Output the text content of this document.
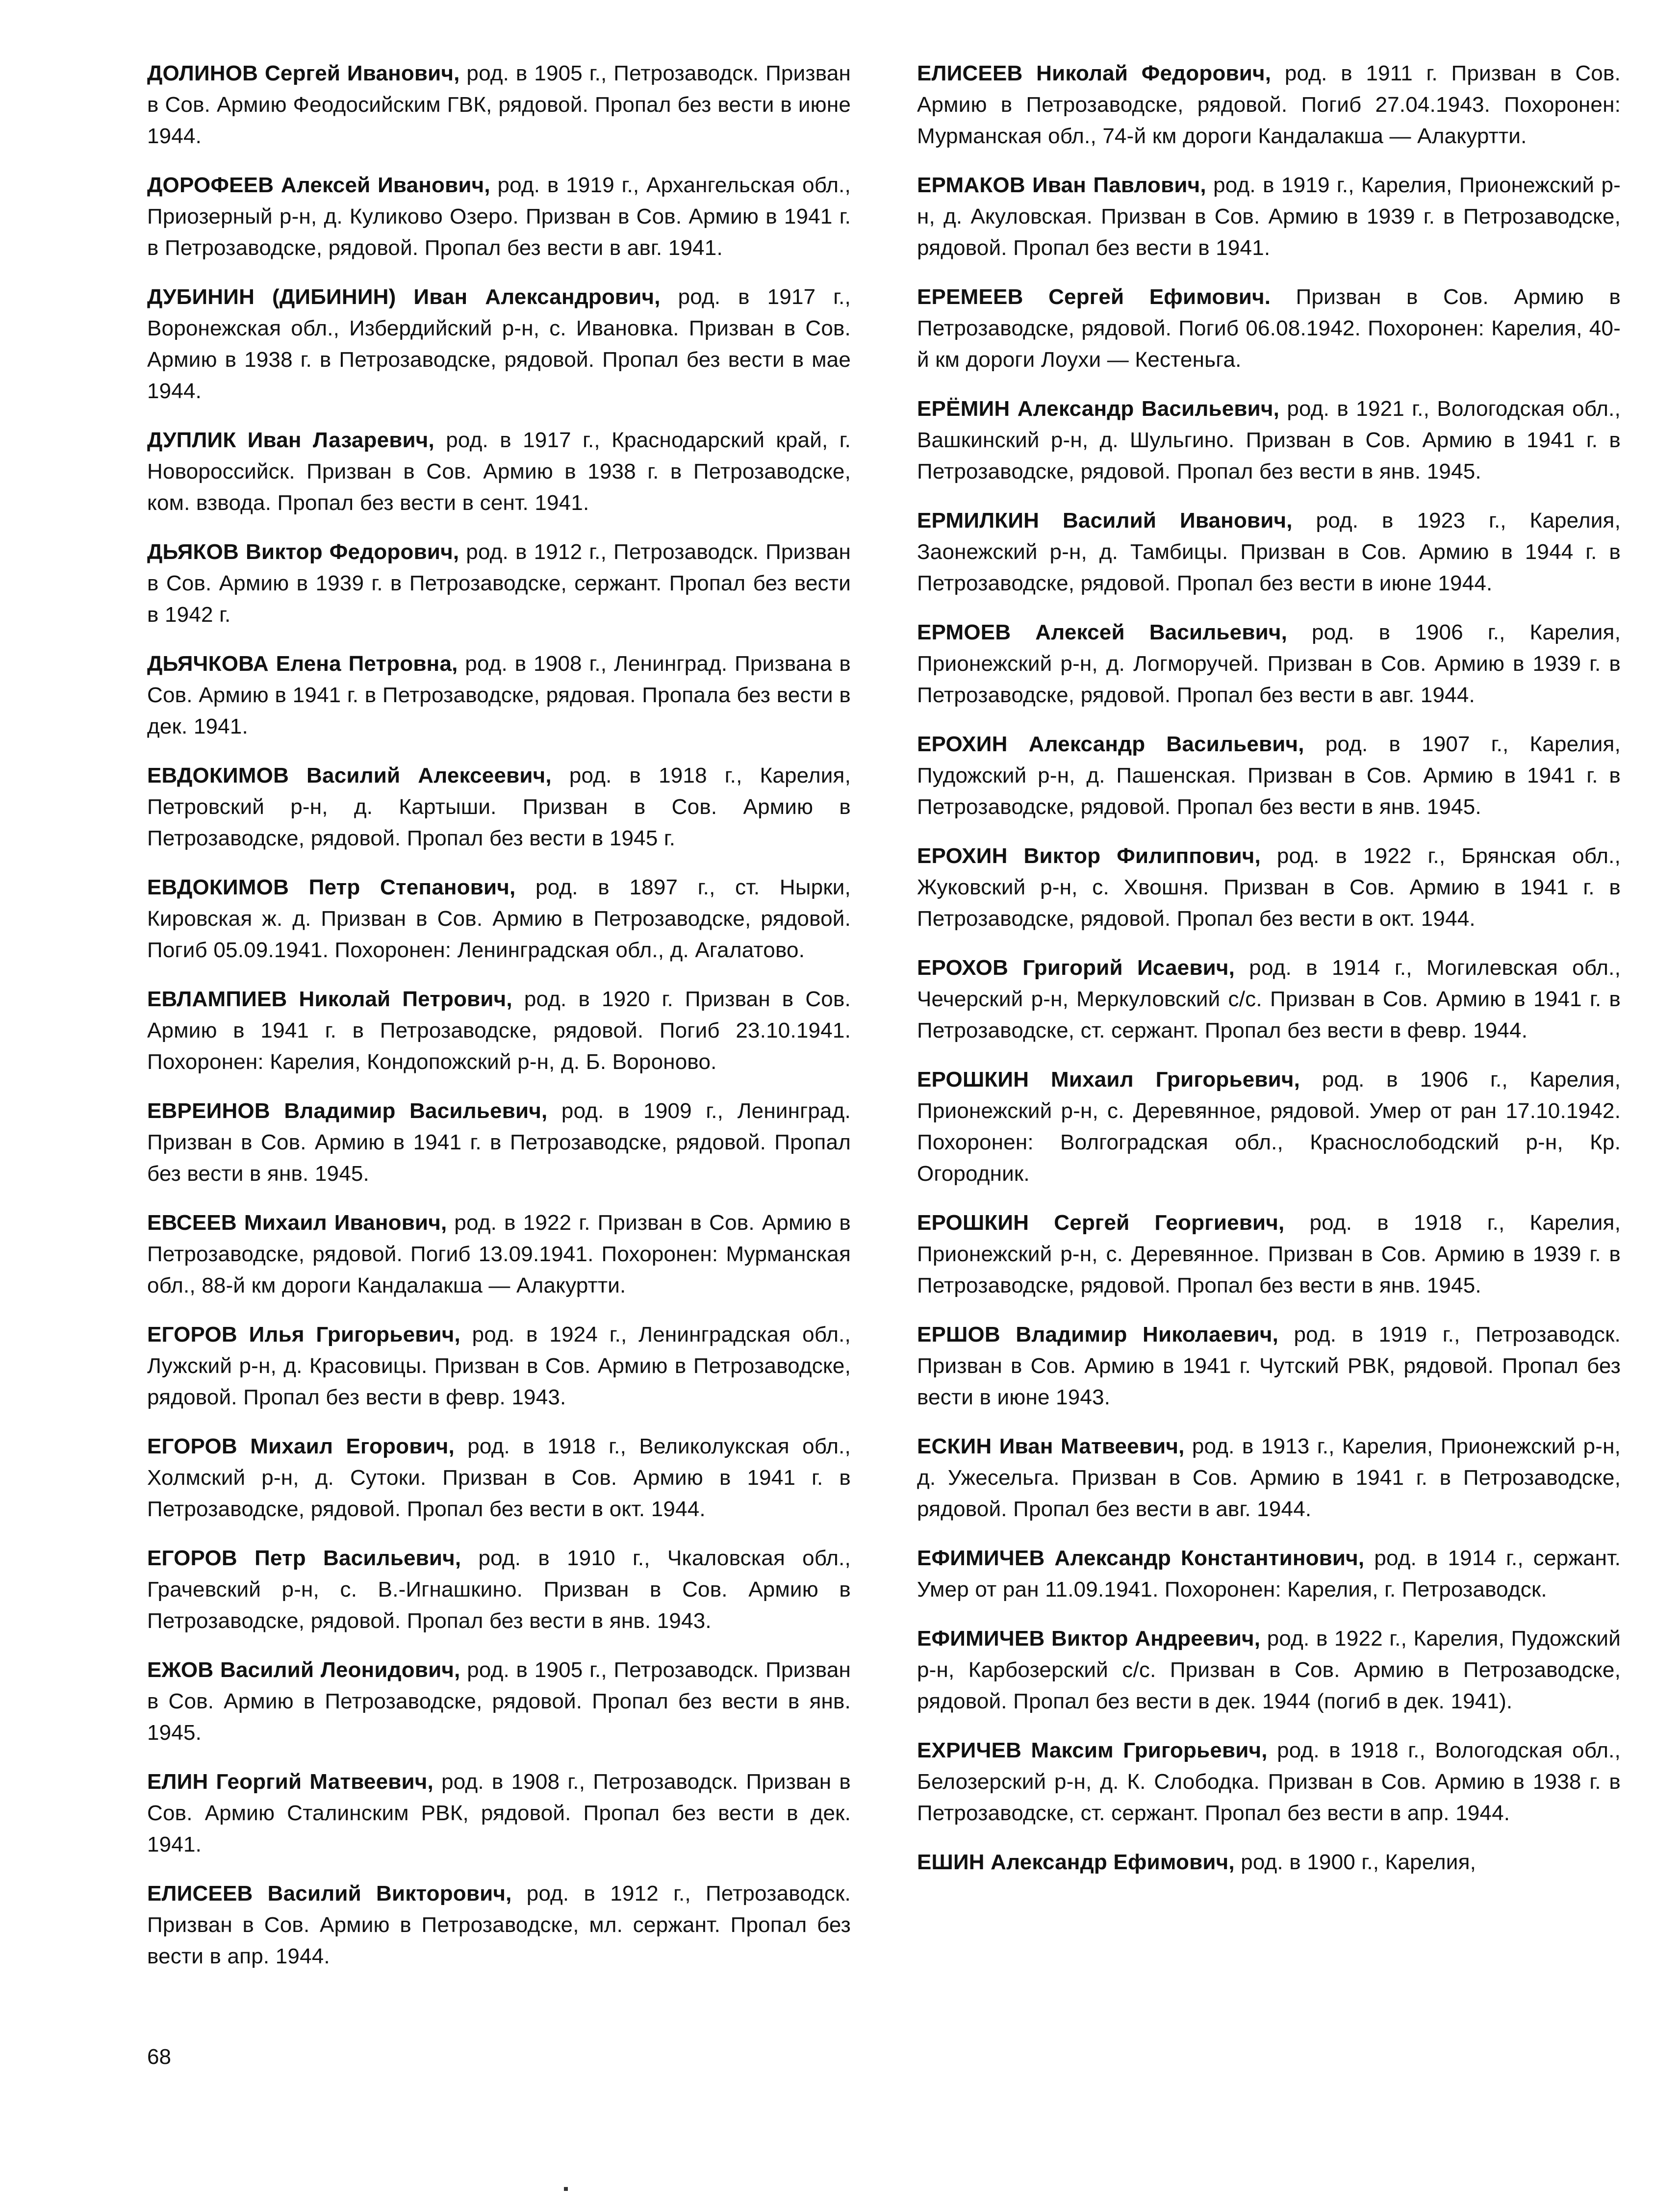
ДОЛИНОВ Сергей Иванович, род. в 1905 г., Петрозаводск. Призван в Сов. Армию Феодосийским ГВК, рядовой. Пропал без вести в июне 1944.

ДОРОФЕЕВ Алексей Иванович, род. в 1919 г., Архангельская обл., Приозерный р-н, д. Куликово Озеро. Призван в Сов. Армию в 1941 г. в Петрозаводске, рядовой. Пропал без вести в авг. 1941.

ДУБИНИН (ДИБИНИН) Иван Александрович, род. в 1917 г., Воронежская обл., Избердийский р-н, с. Ивановка. Призван в Сов. Армию в 1938 г. в Петрозаводске, рядовой. Пропал без вести в мае 1944.

ДУПЛИК Иван Лазаревич, род. в 1917 г., Краснодарский край, г. Новороссийск. Призван в Сов. Армию в 1938 г. в Петрозаводске, ком. взвода. Пропал без вести в сент. 1941.

ДЬЯКОВ Виктор Федорович, род. в 1912 г., Петрозаводск. Призван в Сов. Армию в 1939 г. в Петрозаводске, сержант. Пропал без вести в 1942 г.

ДЬЯЧКОВА Елена Петровна, род. в 1908 г., Ленинград. Призвана в Сов. Армию в 1941 г. в Петрозаводске, рядовая. Пропала без вести в дек. 1941.

ЕВДОКИМОВ Василий Алексеевич, род. в 1918 г., Карелия, Петровский р-н, д. Картыши. Призван в Сов. Армию в Петрозаводске, рядовой. Пропал без вести в 1945 г.

ЕВДОКИМОВ Петр Степанович, род. в 1897 г., ст. Нырки, Кировская ж. д. Призван в Сов. Армию в Петрозаводске, рядовой. Погиб 05.09.1941. Похоронен: Ленинградская обл., д. Агалатово.

ЕВЛАМПИЕВ Николай Петрович, род. в 1920 г. Призван в Сов. Армию в 1941 г. в Петрозаводске, рядовой. Погиб 23.10.1941. Похоронен: Карелия, Кондопожский р-н, д. Б. Вороново.

ЕВРЕИНОВ Владимир Васильевич, род. в 1909 г., Ленинград. Призван в Сов. Армию в 1941 г. в Петрозаводске, рядовой. Пропал без вести в янв. 1945.

ЕВСЕЕВ Михаил Иванович, род. в 1922 г. Призван в Сов. Армию в Петрозаводске, рядовой. Погиб 13.09.1941. Похоронен: Мурманская обл., 88-й км дороги Кандалакша — Алакуртти.

ЕГОРОВ Илья Григорьевич, род. в 1924 г., Ленинградская обл., Лужский р-н, д. Красовицы. Призван в Сов. Армию в Петрозаводске, рядовой. Пропал без вести в февр. 1943.

ЕГОРОВ Михаил Егорович, род. в 1918 г., Великолукская обл., Холмский р-н, д. Сутоки. Призван в Сов. Армию в 1941 г. в Петрозаводске, рядовой. Пропал без вести в окт. 1944.

ЕГОРОВ Петр Васильевич, род. в 1910 г., Чкаловская обл., Грачевский р-н, с. В.-Игнашкино. Призван в Сов. Армию в Петрозаводске, рядовой. Пропал без вести в янв. 1943.

ЕЖОВ Василий Леонидович, род. в 1905 г., Петрозаводск. Призван в Сов. Армию в Петрозаводске, рядовой. Пропал без вести в янв. 1945.

ЕЛИН Георгий Матвеевич, род. в 1908 г., Петрозаводск. Призван в Сов. Армию Сталинским РВК, рядовой. Пропал без вести в дек. 1941.

ЕЛИСЕЕВ Василий Викторович, род. в 1912 г., Петрозаводск. Призван в Сов. Армию в Петрозаводске, мл. сержант. Пропал без вести в апр. 1944.

ЕЛИСЕЕВ Николай Федорович, род. в 1911 г. Призван в Сов. Армию в Петрозаводске, рядовой. Погиб 27.04.1943. Похоронен: Мурманская обл., 74-й км дороги Кандалакша — Алакуртти.

ЕРМАКОВ Иван Павлович, род. в 1919 г., Карелия, Прионежский р-н, д. Акуловская. Призван в Сов. Армию в 1939 г. в Петрозаводске, рядовой. Пропал без вести в 1941.

ЕРЕМЕЕВ Сергей Ефимович. Призван в Сов. Армию в Петрозаводске, рядовой. Погиб 06.08.1942. Похоронен: Карелия, 40-й км дороги Лоухи — Кестеньга.

ЕРЁМИН Александр Васильевич, род. в 1921 г., Вологодская обл., Вашкинский р-н, д. Шульгино. Призван в Сов. Армию в 1941 г. в Петрозаводске, рядовой. Пропал без вести в янв. 1945.

ЕРМИЛКИН Василий Иванович, род. в 1923 г., Карелия, Заонежский р-н, д. Тамбицы. Призван в Сов. Армию в 1944 г. в Петрозаводске, рядовой. Пропал без вести в июне 1944.

ЕРМОЕВ Алексей Васильевич, род. в 1906 г., Карелия, Прионежский р-н, д. Логморучей. Призван в Сов. Армию в 1939 г. в Петрозаводске, рядовой. Пропал без вести в авг. 1944.

ЕРОХИН Александр Васильевич, род. в 1907 г., Карелия, Пудожский р-н, д. Пашенская. Призван в Сов. Армию в 1941 г. в Петрозаводске, рядовой. Пропал без вести в янв. 1945.

ЕРОХИН Виктор Филиппович, род. в 1922 г., Брянская обл., Жуковский р-н, с. Хвошня. Призван в Сов. Армию в 1941 г. в Петрозаводске, рядовой. Пропал без вести в окт. 1944.

ЕРОХОВ Григорий Исаевич, род. в 1914 г., Могилевская обл., Чечерский р-н, Меркуловский с/с. Призван в Сов. Армию в 1941 г. в Петрозаводске, ст. сержант. Пропал без вести в февр. 1944.

ЕРОШКИН Михаил Григорьевич, род. в 1906 г., Карелия, Прионежский р-н, с. Деревянное, рядовой. Умер от ран 17.10.1942. Похоронен: Волгоградская обл., Краснослободский р-н, Кр. Огородник.

ЕРОШКИН Сергей Георгиевич, род. в 1918 г., Карелия, Прионежский р-н, с. Деревянное. Призван в Сов. Армию в 1939 г. в Петрозаводске, рядовой. Пропал без вести в янв. 1945.

ЕРШОВ Владимир Николаевич, род. в 1919 г., Петрозаводск. Призван в Сов. Армию в 1941 г. Чутский РВК, рядовой. Пропал без вести в июне 1943.

ЕСКИН Иван Матвеевич, род. в 1913 г., Карелия, Прионежский р-н, д. Ужесельга. Призван в Сов. Армию в 1941 г. в Петрозаводске, рядовой. Пропал без вести в авг. 1944.

ЕФИМИЧЕВ Александр Константинович, род. в 1914 г., сержант. Умер от ран 11.09.1941. Похоронен: Карелия, г. Петрозаводск.

ЕФИМИЧЕВ Виктор Андреевич, род. в 1922 г., Карелия, Пудожский р-н, Карбозерский с/с. Призван в Сов. Армию в Петрозаводске, рядовой. Пропал без вести в дек. 1944 (погиб в дек. 1941).

ЕХРИЧЕВ Максим Григорьевич, род. в 1918 г., Вологодская обл., Белозерский р-н, д. К. Слободка. Призван в Сов. Армию в 1938 г. в Петрозаводске, ст. сержант. Пропал без вести в апр. 1944.

ЕШИН Александр Ефимович, род. в 1900 г., Карелия,

68
